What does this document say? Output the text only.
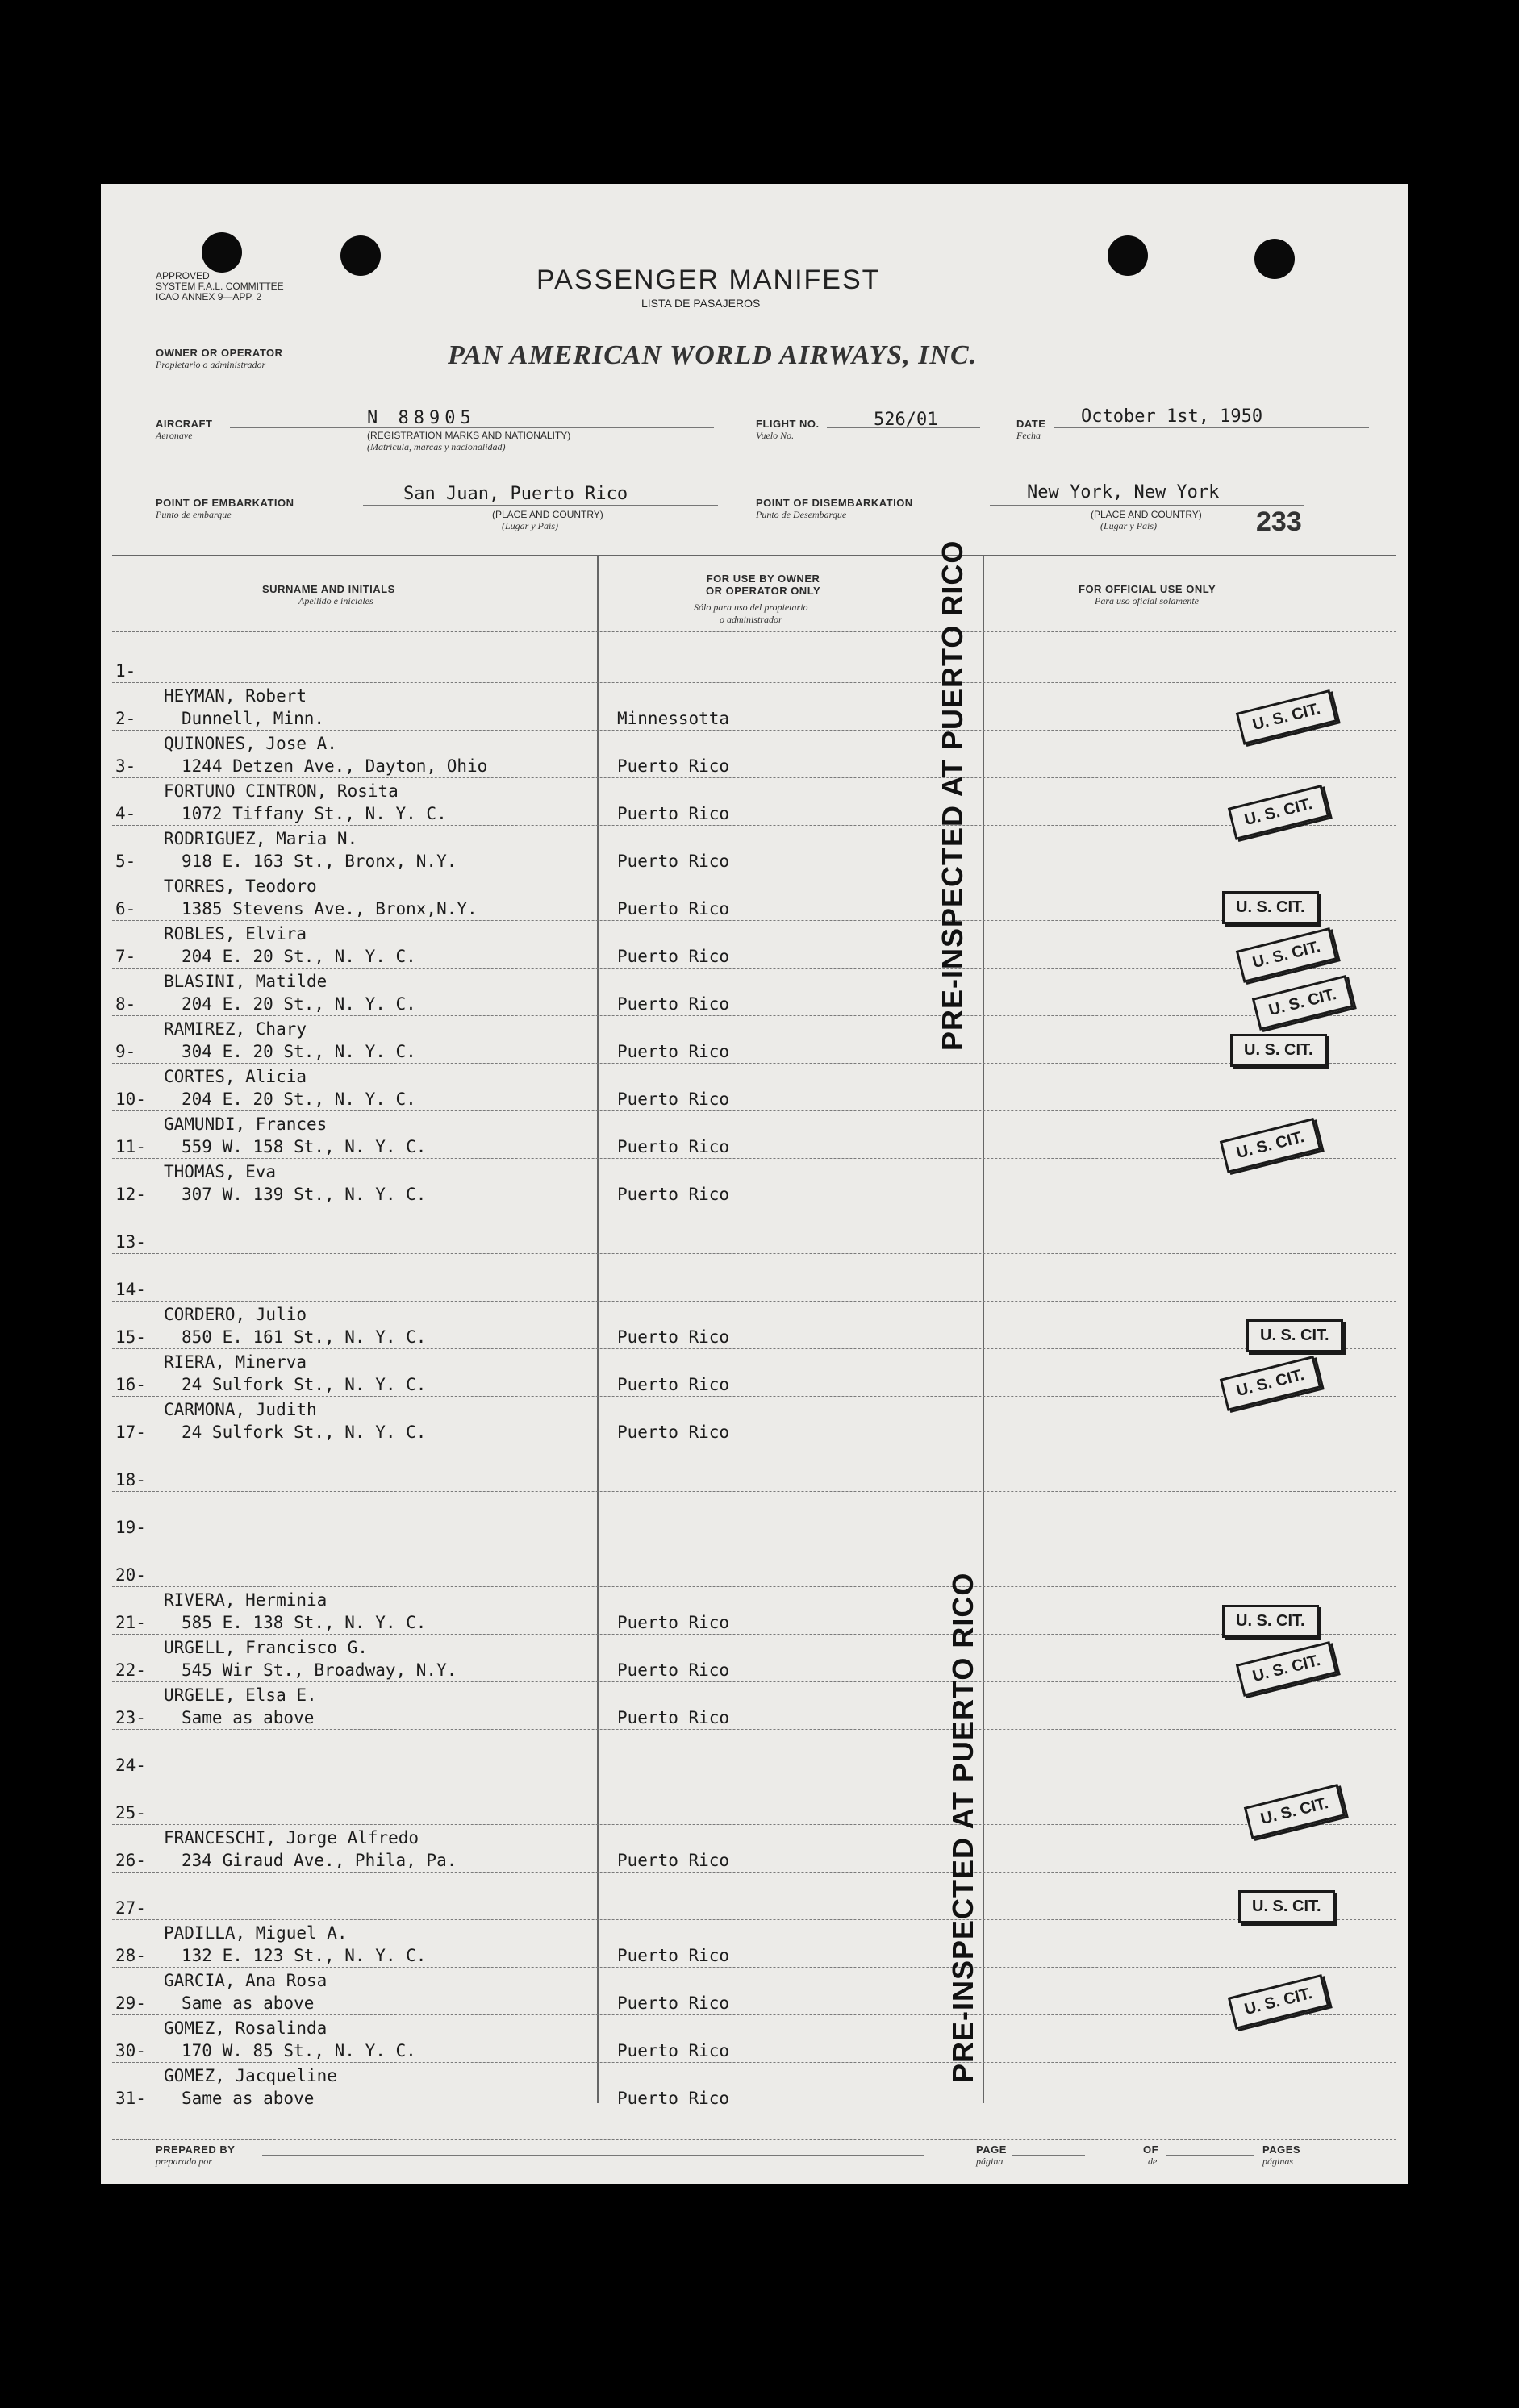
APPROVED
SYSTEM F.A.L. COMMITTEE
ICAO ANNEX 9—APP. 2
PASSENGER MANIFEST
LISTA DE PASAJEROS
OWNER OR OPERATOR
Propietario o administrador	PAN AMERICAN WORLD AIRWAYS, INC.
AIRCRAFT
Aeronave
N 88905
(REGISTRATION MARKS AND NATIONALITY)
(Matrícula, marcas y nacionalidad)
FLIGHT NO.
Vuelo No.
526/01	DATE
Fecha
October 1st, 1950
POINT OF EMBARKATION
Punto de embarque
San Juan, Puerto Rico
(PLACE AND COUNTRY)
(Lugar y País)
POINT OF DISEMBARKATION
Punto de Desembarque
New York, New York
(PLACE AND COUNTRY)
(Lugar y País)	233
SURNAME AND INITIALS
Apellido e iniciales
FOR USE BY OWNER
OR OPERATOR ONLY
Sólo para uso del propietario
o administrador
FOR OFFICIAL USE ONLY
Para uso oficial solamente
1-
2-
HEYMAN, Robert
Dunnell, Minn.	Minnessotta	U. S. CIT.
3-
QUINONES, Jose A.
1244 Detzen Ave., Dayton, Ohio	Puerto Rico
4-
FORTUNO CINTRON, Rosita
1072 Tiffany St., N. Y. C.	Puerto Rico	U. S. CIT.
5-
RODRIGUEZ, Maria N.
918 E. 163 St., Bronx, N.Y.	Puerto Rico
6-
TORRES, Teodoro
1385 Stevens Ave., Bronx,N.Y.	Puerto Rico	U. S. CIT.
7-
ROBLES, Elvira
204 E. 20 St., N. Y. C.	Puerto Rico	U. S. CIT.
8-
BLASINI, Matilde
204 E. 20 St., N. Y. C.	Puerto Rico	U. S. CIT.
9-
RAMIREZ, Chary
304 E. 20 St., N. Y. C.	Puerto Rico	U. S. CIT.
10-
CORTES, Alicia
204 E. 20 St., N. Y. C.	Puerto Rico
11-
GAMUNDI, Frances
559 W. 158 St., N. Y. C.	Puerto Rico	U. S. CIT.
12-
THOMAS, Eva
307 W. 139 St., N. Y. C.	Puerto Rico
13-
14-
15-
CORDERO, Julio
850 E. 161 St., N. Y. C.	Puerto Rico	U. S. CIT.
16-
RIERA, Minerva
24 Sulfork St., N. Y. C.	Puerto Rico	U. S. CIT.
17-
CARMONA, Judith
24 Sulfork St., N. Y. C.	Puerto Rico
18-
19-
20-
21-
RIVERA, Herminia
585 E. 138 St., N. Y. C.	Puerto Rico	U. S. CIT.
22-
URGELL, Francisco G.
545 Wir St., Broadway, N.Y.	Puerto Rico	U. S. CIT.
23-
URGELE, Elsa E.
Same as above	Puerto Rico
24-
25-	U. S. CIT.
26-
FRANCESCHI, Jorge Alfredo
234 Giraud Ave., Phila, Pa.	Puerto Rico
27-	U. S. CIT.
28-
PADILLA, Miguel A.
132 E. 123 St., N. Y. C.	Puerto Rico
29-
GARCIA, Ana Rosa
Same as above	Puerto Rico	U. S. CIT.
30-
GOMEZ, Rosalinda
170 W. 85 St., N. Y. C.	Puerto Rico
31-
GOMEZ, Jacqueline
Same as above	Puerto Rico
PRE-INSPECTED AT PUERTO RICO
PRE-INSPECTED AT PUERTO RICO
PREPARED BY
preparado por
PAGE
página
OF
de
PAGES
páginas
